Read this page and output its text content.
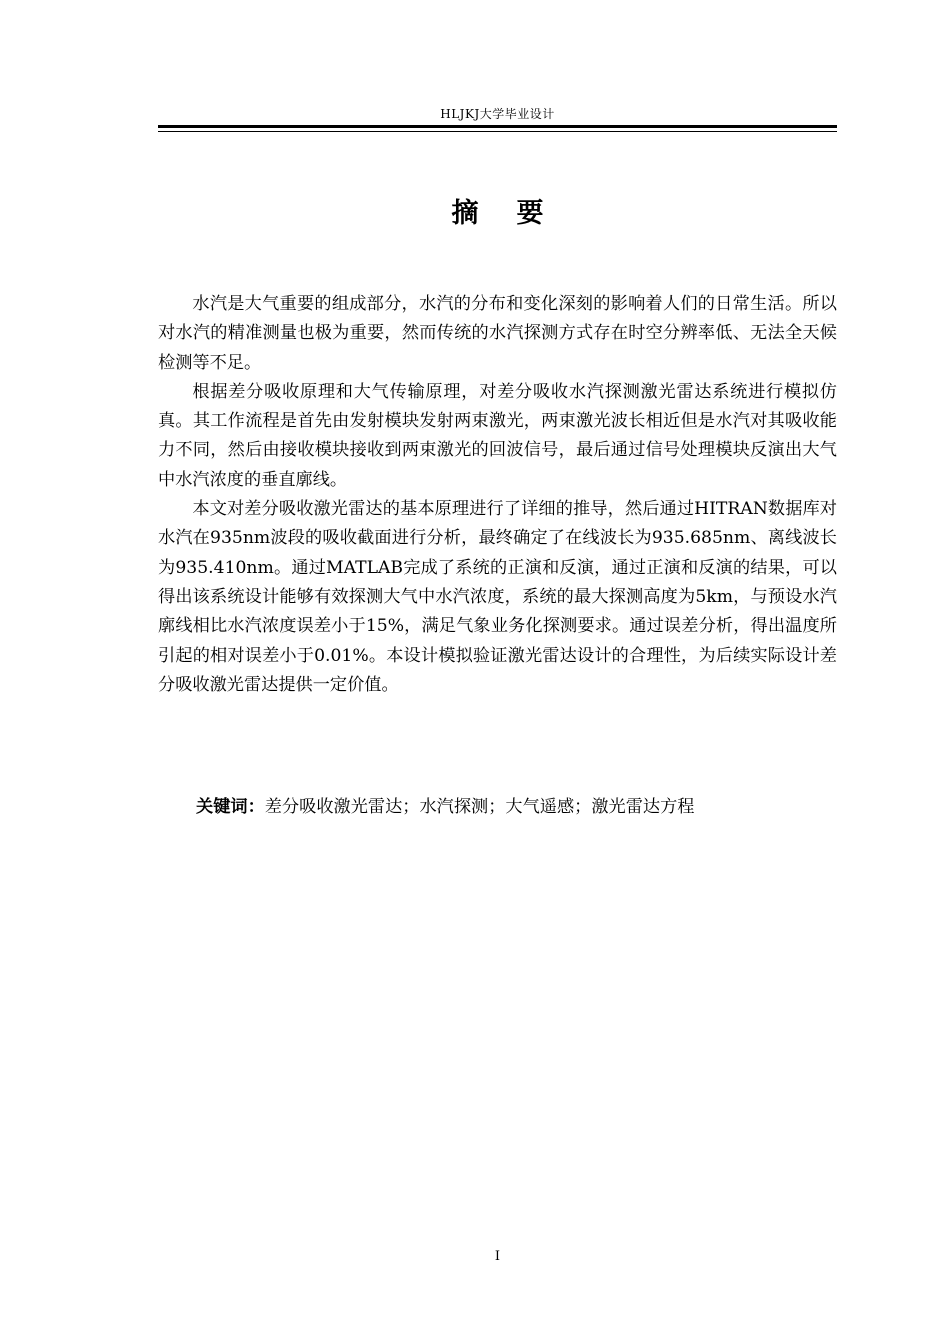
HLJKJ大学毕业设计
摘 要

水汽是大气重要的组成部分，水汽的分布和变化深刻的影响着人们的日常生活。所以对水汽的精准测量也极为重要，然而传统的水汽探测方式存在时空分辨率低、无法全天候检测等不足。

根据差分吸收原理和大气传输原理，对差分吸收水汽探测激光雷达系统进行模拟仿真。其工作流程是首先由发射模块发射两束激光，两束激光波长相近但是水汽对其吸收能力不同，然后由接收模块接收到两束激光的回波信号，最后通过信号处理模块反演出大气中水汽浓度的垂直廓线。

本文对差分吸收激光雷达的基本原理进行了详细的推导，然后通过HITRAN数据库对水汽在935nm波段的吸收截面进行分析，最终确定了在线波长为935.685nm、离线波长为935.410nm。通过MATLAB完成了系统的正演和反演，通过正演和反演的结果，可以得出该系统设计能够有效探测大气中水汽浓度，系统的最大探测高度为5km，与预设水汽廓线相比水汽浓度误差小于15%，满足气象业务化探测要求。通过误差分析，得出温度所引起的相对误差小于0.01%。本设计模拟验证激光雷达设计的合理性，为后续实际设计差分吸收激光雷达提供一定价值。

关键词：差分吸收激光雷达；水汽探测；大气遥感；激光雷达方程
I
